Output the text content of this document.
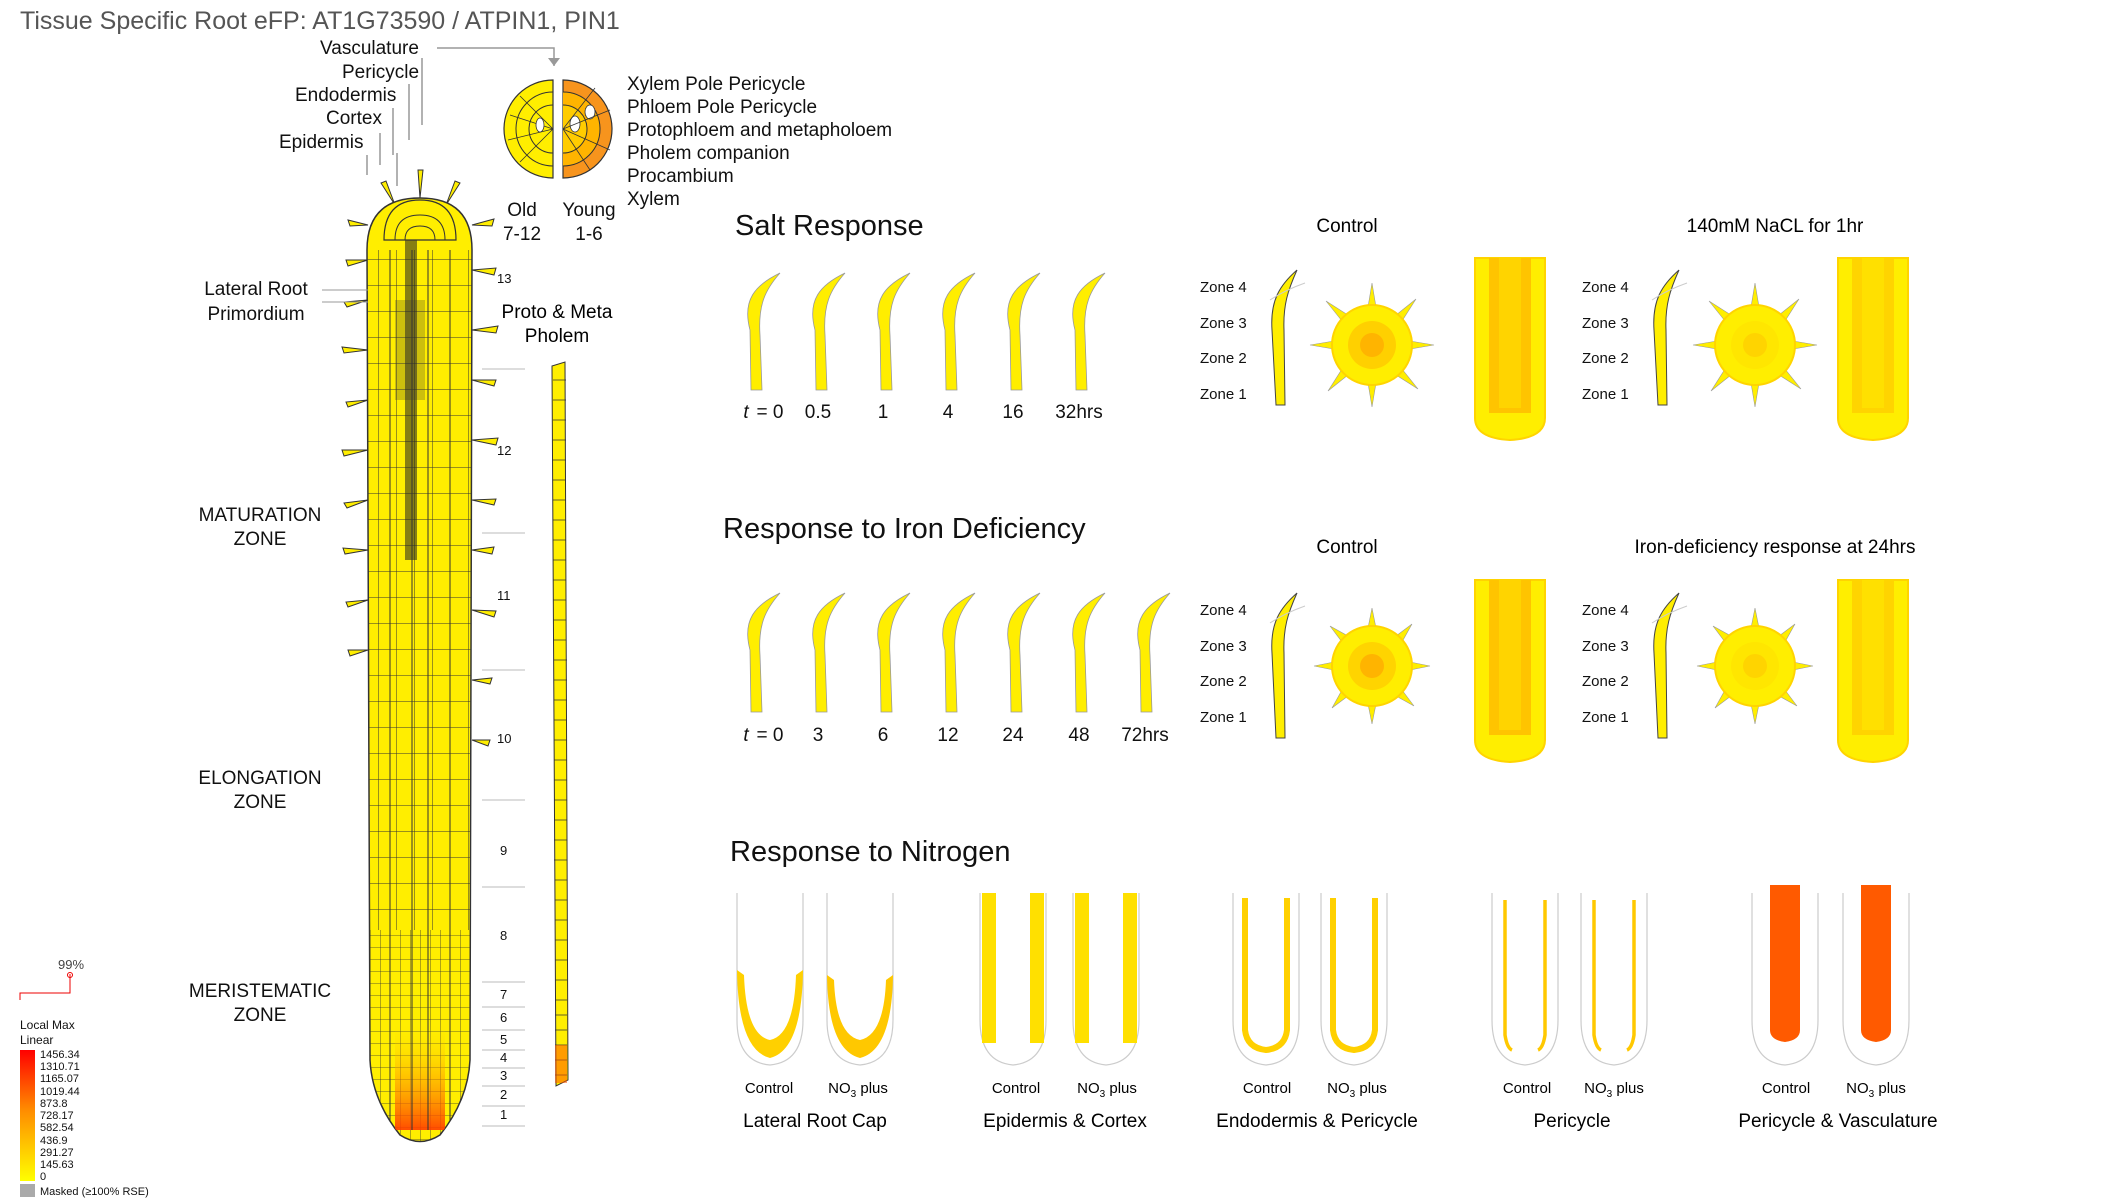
Tissue Specific Root eFP: AT1G73590 / ATPIN1, PIN1
Vasculature
Pericycle
Endodermis
Cortex
Epidermis
Lateral Root
Primordium
MATURATION
ZONE
ELONGATION
ZONE
MERISTEMATIC
ZONE
13
12
11
10
9
8
7
6
5
4
3
2
1
Proto & Meta
Pholem
Old
7-12
Young
1-6
Xylem Pole Pericycle
Phloem Pole Pericycle
Protophloem and metapholoem
Pholem companion
Procambium
Xylem
99%
Local Max
Linear
1456.34
1310.71
1165.07
1019.44
873.8
728.17
582.54
436.9
291.27
145.63
0
Masked (≥100% RSE)
Salt Response
t = 0 0.5 1	4	16 32hrs
Control	140mM NaCL for 1hr
Zone 4
Zone 3
Zone 2
Zone 1
Zone 4
Zone 3
Zone 2
Zone 1
Response to Iron Deficiency
t = 0 3	6	12 24 48 72hrs
Control	Iron-deficiency response at 24hrs
Zone 4
Zone 3
Zone 2
Zone 1
Zone 4
Zone 3
Zone 2
Zone 1
Response to Nitrogen
Control $NO_3$ plus
Lateral Root Cap
Control $NO_3$ plus
Epidermis & Cortex
Control $NO_3$ plus
Endodermis & Pericycle
Control $NO_3$ plus
Pericycle
Control $NO_3$ plus
Pericycle & Vasculature
